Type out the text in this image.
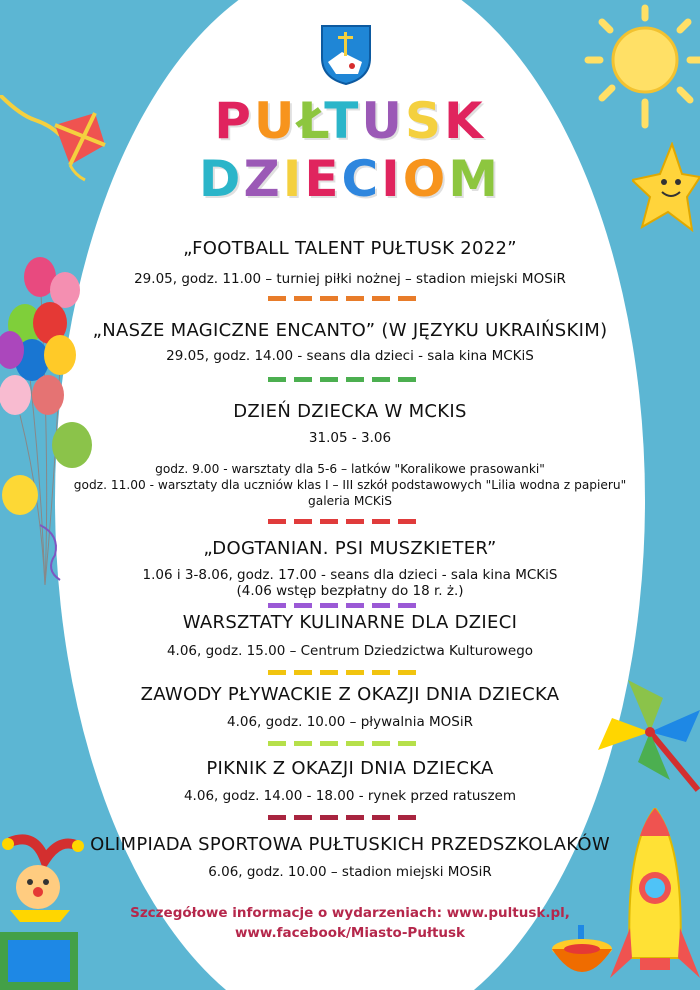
PUŁTUSK
DZIECIOM
„FOOTBALL TALENT PUŁTUSK 2022”
29.05, godz. 11.00 – turniej piłki nożnej – stadion miejski MOSiR
„NASZE MAGICZNE ENCANTO” (W JĘZYKU UKRAIŃSKIM)
29.05, godz. 14.00 - seans dla dzieci - sala kina MCKiS
DZIEŃ DZIECKA W MCKIS
31.05 - 3.06
godz. 9.00 - warsztaty dla 5-6 – latków "Koralikowe prasowanki"
godz. 11.00 - warsztaty dla uczniów klas I – III szkół podstawowych "Lilia wodna z papieru"
galeria MCKiS
„DOGTANIAN. PSI MUSZKIETER”
1.06 i 3-8.06, godz. 17.00 - seans dla dzieci - sala kina MCKiS
(4.06 wstęp bezpłatny do 18 r. ż.)
WARSZTATY KULINARNE DLA DZIECI
4.06, godz. 15.00 – Centrum Dziedzictwa Kulturowego
ZAWODY PŁYWACKIE Z OKAZJI DNIA DZIECKA
4.06, godz. 10.00 – pływalnia MOSiR
PIKNIK Z OKAZJI DNIA DZIECKA
4.06, godz. 14.00 - 18.00 - rynek przed ratuszem
OLIMPIADA SPORTOWA PUŁTUSKICH PRZEDSZKOLAKÓW
6.06, godz. 10.00 – stadion miejski MOSiR
Szczegółowe informacje o wydarzeniach: www.pultusk.pl,
www.facebook/Miasto-Pułtusk
